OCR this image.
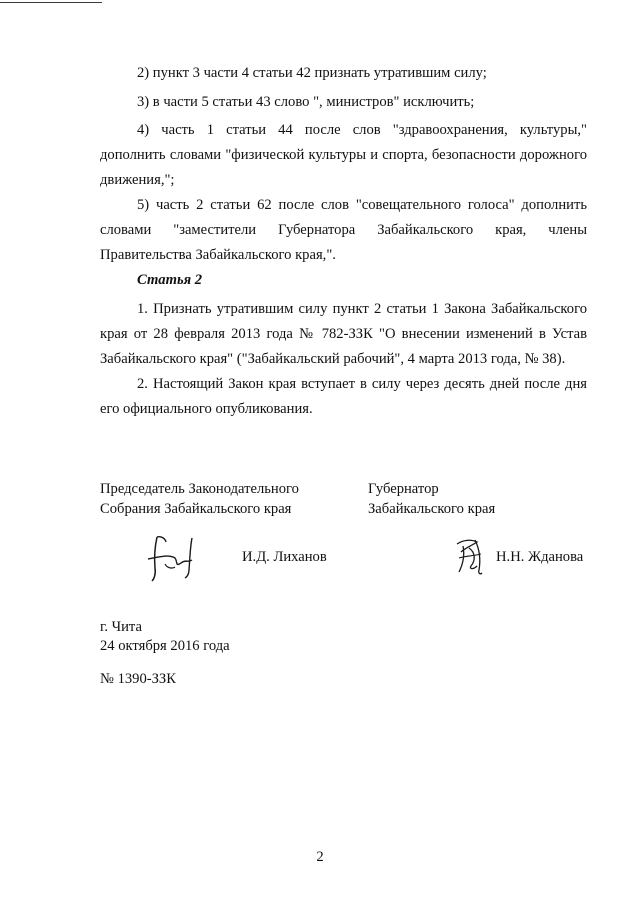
2) пункт 3 части 4 статьи 42 признать утратившим силу;

3) в части 5 статьи 43 слово ", министров" исключить;

4) часть 1 статьи 44 после слов "здравоохранения, культуры," дополнить словами "физической культуры и спорта, безопасности дорожного движения,";

5) часть 2 статьи 62 после слов "совещательного голоса" дополнить словами "заместители Губернатора Забайкальского края, члены Правительства Забайкальского края,".

Статья 2

1. Признать утратившим силу пункт 2 статьи 1 Закона Забайкальского края от 28 февраля 2013 года № 782-ЗЗК "О внесении изменений в Устав Забайкальского края" ("Забайкальский рабочий", 4 марта 2013 года, № 38).

2. Настоящий Закон края вступает в силу через десять дней после дня его официального опубликования.

Председатель Законодательного

Собрания Забайкальского края

Губернатор

Забайкальского края

И.Д. Лиханов	Н.Н. Жданова

г. Чита

24 октября 2016 года

№ 1390-ЗЗК

2
